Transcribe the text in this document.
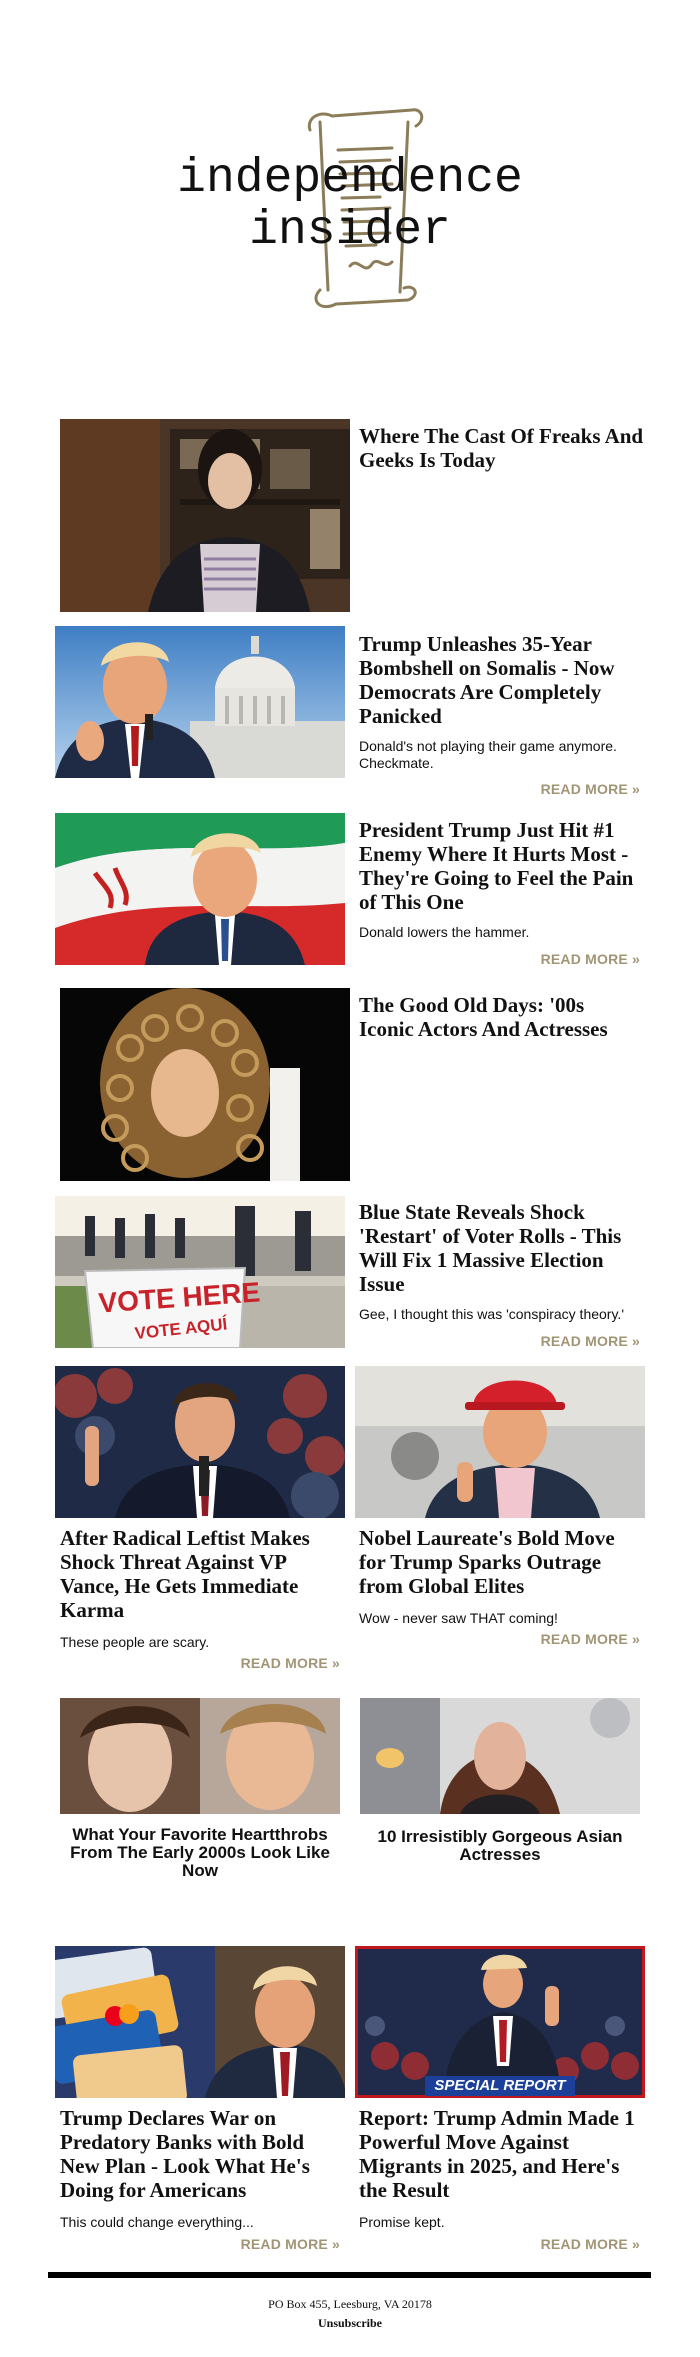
independence
insider

Where The Cast Of Freaks And Geeks Is Today

Trump Unleashes 35-Year Bombshell on Somalis - Now Democrats Are Completely Panicked

Donald's not playing their game anymore. Checkmate.
READ MORE »

President Trump Just Hit #1 Enemy Where It Hurts Most - They're Going to Feel the Pain of This One

Donald lowers the hammer.
READ MORE »

The Good Old Days: '00s Iconic Actors And Actresses

VOTE HERE
VOTE AQUÍ

Blue State Reveals Shock 'Restart' of Voter Rolls - This Will Fix 1 Massive Election Issue

Gee, I thought this was 'conspiracy theory.'
READ MORE »

After Radical Leftist Makes Shock Threat Against VP Vance, He Gets Immediate Karma

These people are scary.
READ MORE »

Nobel Laureate's Bold Move for Trump Sparks Outrage from Global Elites

Wow - never saw THAT coming!
READ MORE »
What Your Favorite Heartthrobs From The Early 2000s Look Like Now
10 Irresistibly Gorgeous Asian Actresses
SPECIAL REPORT

Trump Declares War on Predatory Banks with Bold New Plan - Look What He's Doing for Americans

This could change everything...
READ MORE »

Report: Trump Admin Made 1 Powerful Move Against Migrants in 2025, and Here's the Result

Promise kept.
READ MORE »
PO Box 455, Leesburg, VA 20178
Unsubscribe
